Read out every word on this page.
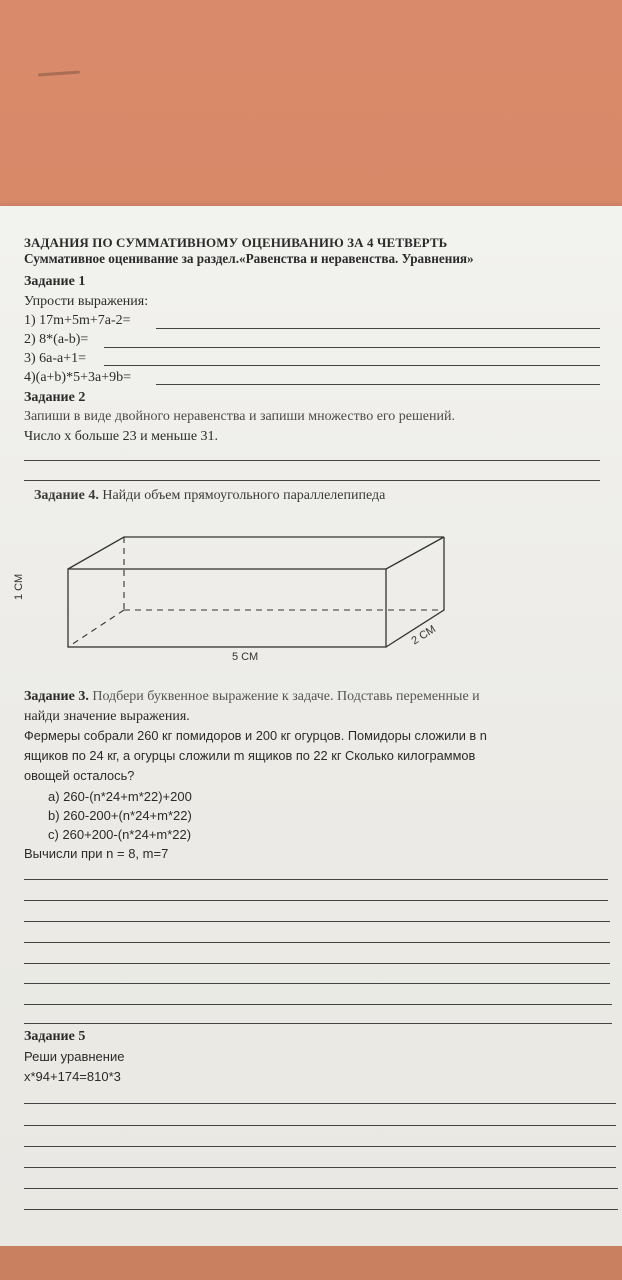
ЗАДАНИЯ ПО СУММАТИВНОМУ ОЦЕНИВАНИЮ ЗА 4 ЧЕТВЕРТЬ
Суммативное оценивание за раздел.«Равенства и неравенства. Уравнения»
Задание 1
Упрости выражения:
1) 17m+5m+7a-2=
2) 8*(a-b)=
3) 6a-a+1=
4)(a+b)*5+3a+9b=
Задание 2
Запиши в виде двойного неравенства и запиши множество его решений.
Число х больше 23 и меньше 31.
Задание 4. Найди объем прямоугольного параллелепипеда
1 СМ
5 СМ
2 СМ
Задание 3. Подбери буквенное выражение к задаче. Подставь переменные и
найди значение выражения.
Фермеры собрали 260 кг помидоров и 200 кг огурцов. Помидоры сложили в n
ящиков по 24 кг, а огурцы сложили m ящиков по 22 кг Сколько килограммов
овощей осталось?
a) 260-(n*24+m*22)+200
b) 260-200+(n*24+m*22)
c) 260+200-(n*24+m*22)
Вычисли при n = 8, m=7
Задание 5
Реши уравнение
x*94+174=810*3
